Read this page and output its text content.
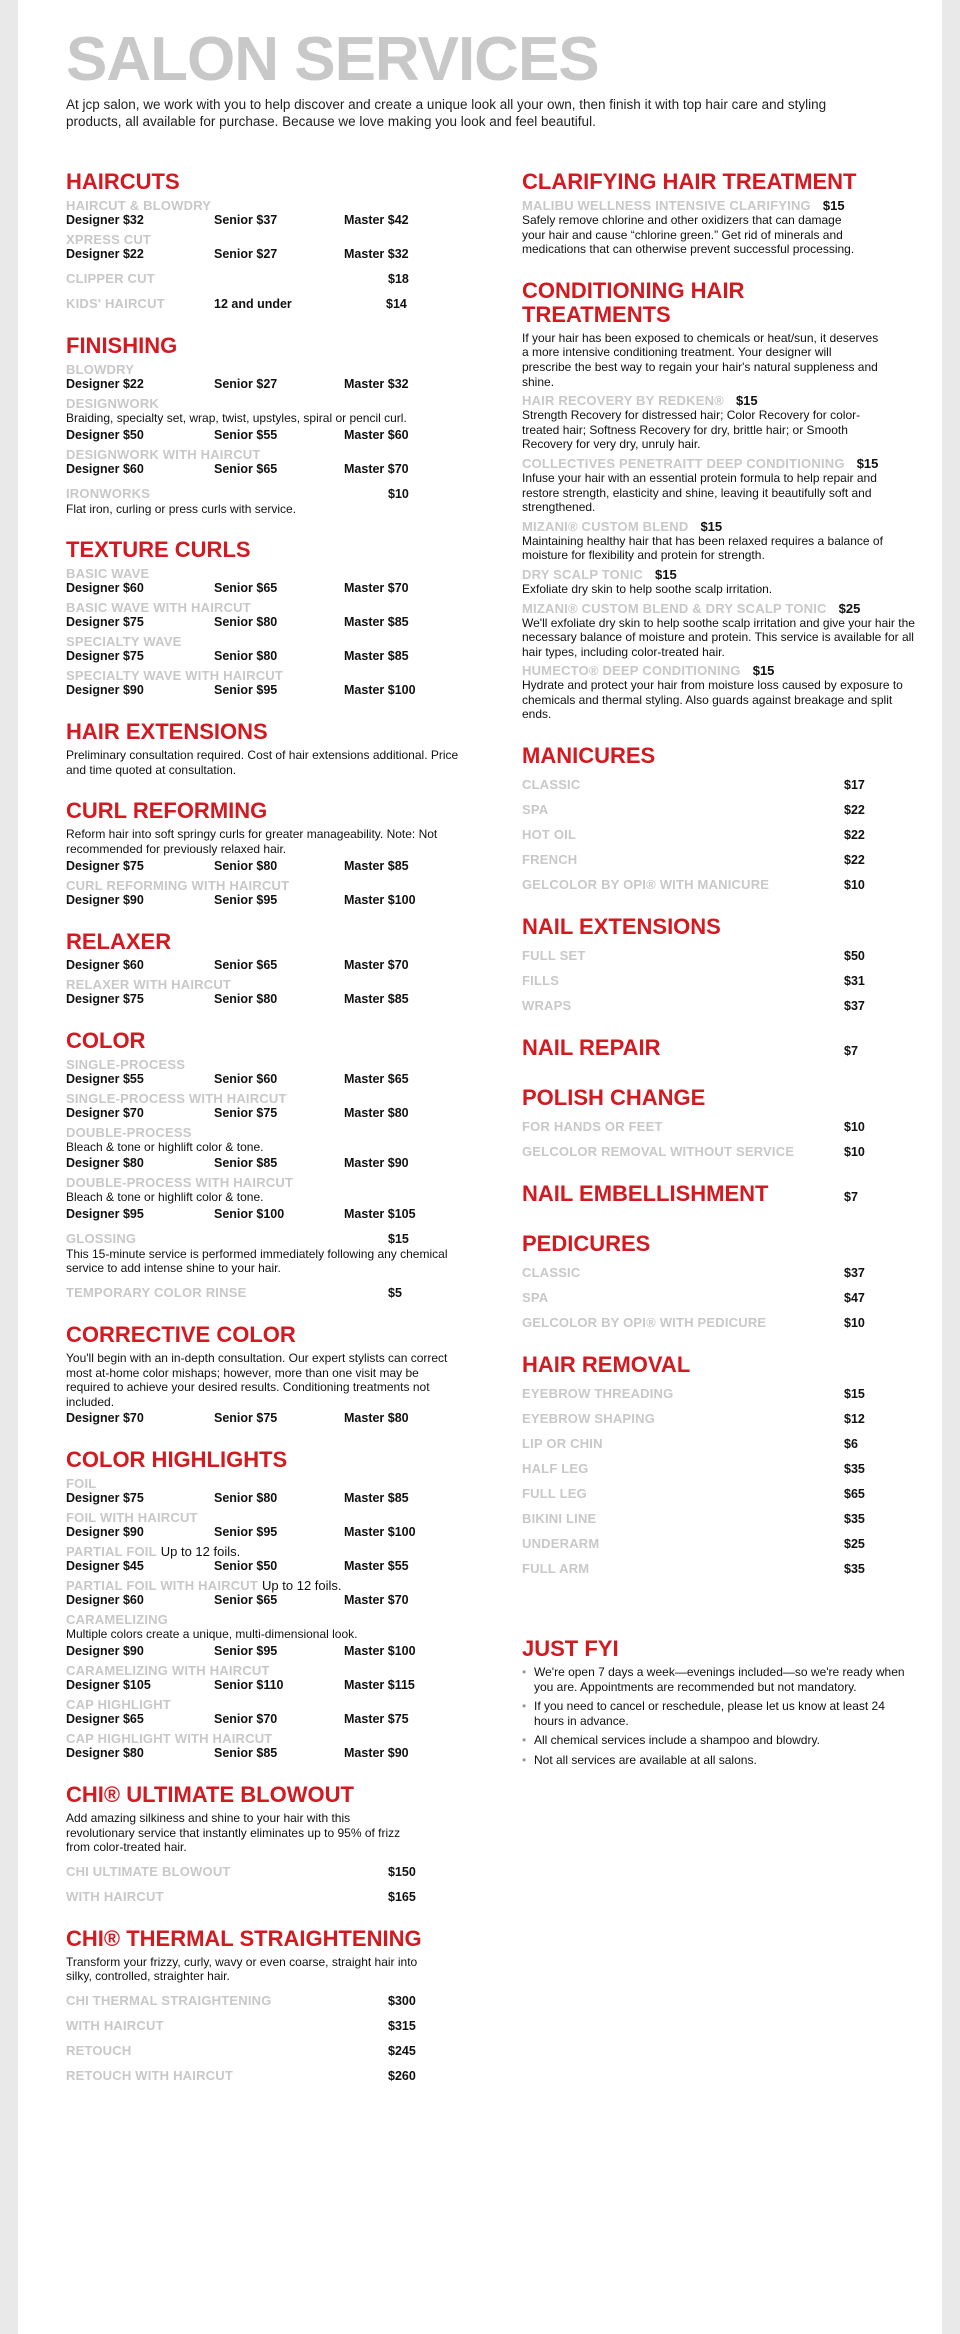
SALON SERVICES

At jcp salon, we work with you to help discover and create a unique look all your own, then finish it with top hair care and styling products, all available for purchase. Because we love making you look and feel beautiful.

HAIRCUTS
HAIRCUT & BLOWDRY
Designer $32	Senior $37	Master $42
XPRESS CUT
Designer $22	Senior $27	Master $32
CLIPPER CUT	$18
KIDS' HAIRCUT	12 and under	$14
FINISHING
BLOWDRY
Designer $22	Senior $27	Master $32
DESIGNWORK
Braiding, specialty set, wrap, twist, upstyles, spiral or pencil curl.
Designer $50	Senior $55	Master $60
DESIGNWORK WITH HAIRCUT
Designer $60	Senior $65	Master $70
IRONWORKS	$10
Flat iron, curling or press curls with service.
TEXTURE CURLS
BASIC WAVE
Designer $60	Senior $65	Master $70
BASIC WAVE WITH HAIRCUT
Designer $75	Senior $80	Master $85
SPECIALTY WAVE
Designer $75	Senior $80	Master $85
SPECIALTY WAVE WITH HAIRCUT
Designer $90	Senior $95	Master $100
HAIR EXTENSIONS
Preliminary consultation required. Cost of hair extensions additional. Price and time quoted at consultation.
CURL REFORMING
Reform hair into soft springy curls for greater manageability. Note: Not recommended for previously relaxed hair.
Designer $75	Senior $80	Master $85
CURL REFORMING WITH HAIRCUT
Designer $90	Senior $95	Master $100
RELAXER
Designer $60	Senior $65	Master $70
RELAXER WITH HAIRCUT
Designer $75	Senior $80	Master $85
COLOR
SINGLE-PROCESS
Designer $55	Senior $60	Master $65
SINGLE-PROCESS WITH HAIRCUT
Designer $70	Senior $75	Master $80
DOUBLE-PROCESS
Bleach & tone or highlift color & tone.
Designer $80	Senior $85	Master $90
DOUBLE-PROCESS WITH HAIRCUT
Bleach & tone or highlift color & tone.
Designer $95	Senior $100	Master $105
GLOSSING	$15
This 15-minute service is performed immediately following any chemical service to add intense shine to your hair.
TEMPORARY COLOR RINSE	$5
CORRECTIVE COLOR
You'll begin with an in-depth consultation. Our expert stylists can correct most at-home color mishaps; however, more than one visit may be required to achieve your desired results. Conditioning treatments not included.
Designer $70	Senior $75	Master $80
COLOR HIGHLIGHTS
FOIL
Designer $75	Senior $80	Master $85
FOIL WITH HAIRCUT
Designer $90	Senior $95	Master $100
PARTIAL FOIL Up to 12 foils.
Designer $45	Senior $50	Master $55
PARTIAL FOIL WITH HAIRCUT Up to 12 foils.
Designer $60	Senior $65	Master $70
CARAMELIZING
Multiple colors create a unique, multi-dimensional look.
Designer $90	Senior $95	Master $100
CARAMELIZING WITH HAIRCUT
Designer $105	Senior $110	Master $115
CAP HIGHLIGHT
Designer $65	Senior $70	Master $75
CAP HIGHLIGHT WITH HAIRCUT
Designer $80	Senior $85	Master $90
CHI® ULTIMATE BLOWOUT
Add amazing silkiness and shine to your hair with this revolutionary service that instantly eliminates up to 95% of frizz from color-treated hair.
CHI ULTIMATE BLOWOUT	$150
WITH HAIRCUT	$165
CHI® THERMAL STRAIGHTENING
Transform your frizzy, curly, wavy or even coarse, straight hair into silky, controlled, straighter hair.
CHI THERMAL STRAIGHTENING	$300
WITH HAIRCUT	$315
RETOUCH	$245
RETOUCH WITH HAIRCUT	$260
CLARIFYING HAIR TREATMENT
MALIBU WELLNESS INTENSIVE CLARIFYING $15
Safely remove chlorine and other oxidizers that can damage your hair and cause “chlorine green.” Get rid of minerals and medications that can otherwise prevent successful processing.
CONDITIONING HAIR TREATMENTS
If your hair has been exposed to chemicals or heat/sun, it deserves a more intensive conditioning treatment. Your designer will prescribe the best way to regain your hair's natural suppleness and shine.
HAIR RECOVERY BY REDKEN® $15
Strength Recovery for distressed hair; Color Recovery for color-treated hair; Softness Recovery for dry, brittle hair; or Smooth Recovery for very dry, unruly hair.
COLLECTIVES PENETRAITT DEEP CONDITIONING $15
Infuse your hair with an essential protein formula to help repair and restore strength, elasticity and shine, leaving it beautifully soft and strengthened.
MIZANI® CUSTOM BLEND $15
Maintaining healthy hair that has been relaxed requires a balance of moisture for flexibility and protein for strength.
DRY SCALP TONIC $15
Exfoliate dry skin to help soothe scalp irritation.
MIZANI® CUSTOM BLEND & DRY SCALP TONIC $25
We'll exfoliate dry skin to help soothe scalp irritation and give your hair the necessary balance of moisture and protein. This service is available for all hair types, including color-treated hair.
HUMECTO® DEEP CONDITIONING $15
Hydrate and protect your hair from moisture loss caused by exposure to chemicals and thermal styling. Also guards against breakage and split ends.
MANICURES
CLASSIC	$17
SPA	$22
HOT OIL	$22
FRENCH	$22
GELCOLOR BY OPI® WITH MANICURE	$10
NAIL EXTENSIONS
FULL SET	$50
FILLS	$31
WRAPS	$37
NAIL REPAIR	$7
POLISH CHANGE
FOR HANDS OR FEET	$10
GELCOLOR REMOVAL WITHOUT SERVICE	$10
NAIL EMBELLISHMENT	$7
PEDICURES
CLASSIC	$37
SPA	$47
GELCOLOR BY OPI® WITH PEDICURE	$10
HAIR REMOVAL
EYEBROW THREADING	$15
EYEBROW SHAPING	$12
LIP OR CHIN	$6
HALF LEG	$35
FULL LEG	$65
BIKINI LINE	$35
UNDERARM	$25
FULL ARM	$35
JUST FYI
• We're open 7 days a week—evenings included—so we're ready when you are. Appointments are recommended but not mandatory.
• If you need to cancel or reschedule, please let us know at least 24 hours in advance.
• All chemical services include a shampoo and blowdry.
• Not all services are available at all salons.
